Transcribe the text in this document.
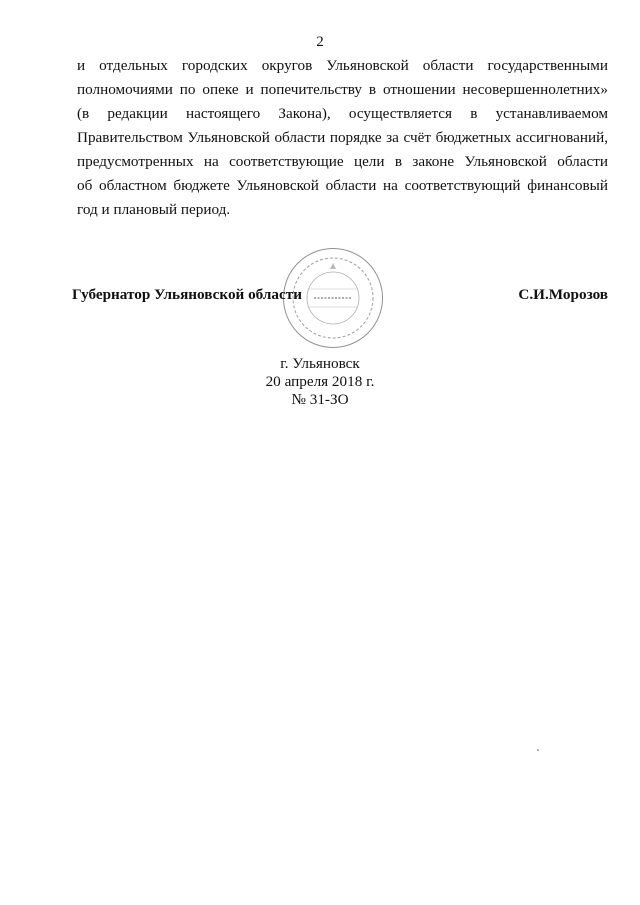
2
и отдельных городских округов Ульяновской области государственными
полномочиями по опеке и попечительству в отношении несовершеннолетних»
(в редакции настоящего Закона), осуществляется в устанавливаемом
Правительством Ульяновской области порядке за счёт бюджетных ассигнований,
предусмотренных на соответствующие цели в законе Ульяновской области
об областном бюджете Ульяновской области на соответствующий финансовый
год и плановый период.
Губернатор Ульяновской области	С.И.Морозов
г. Ульяновск
20 апреля 2018 г.
№ 31-ЗО
